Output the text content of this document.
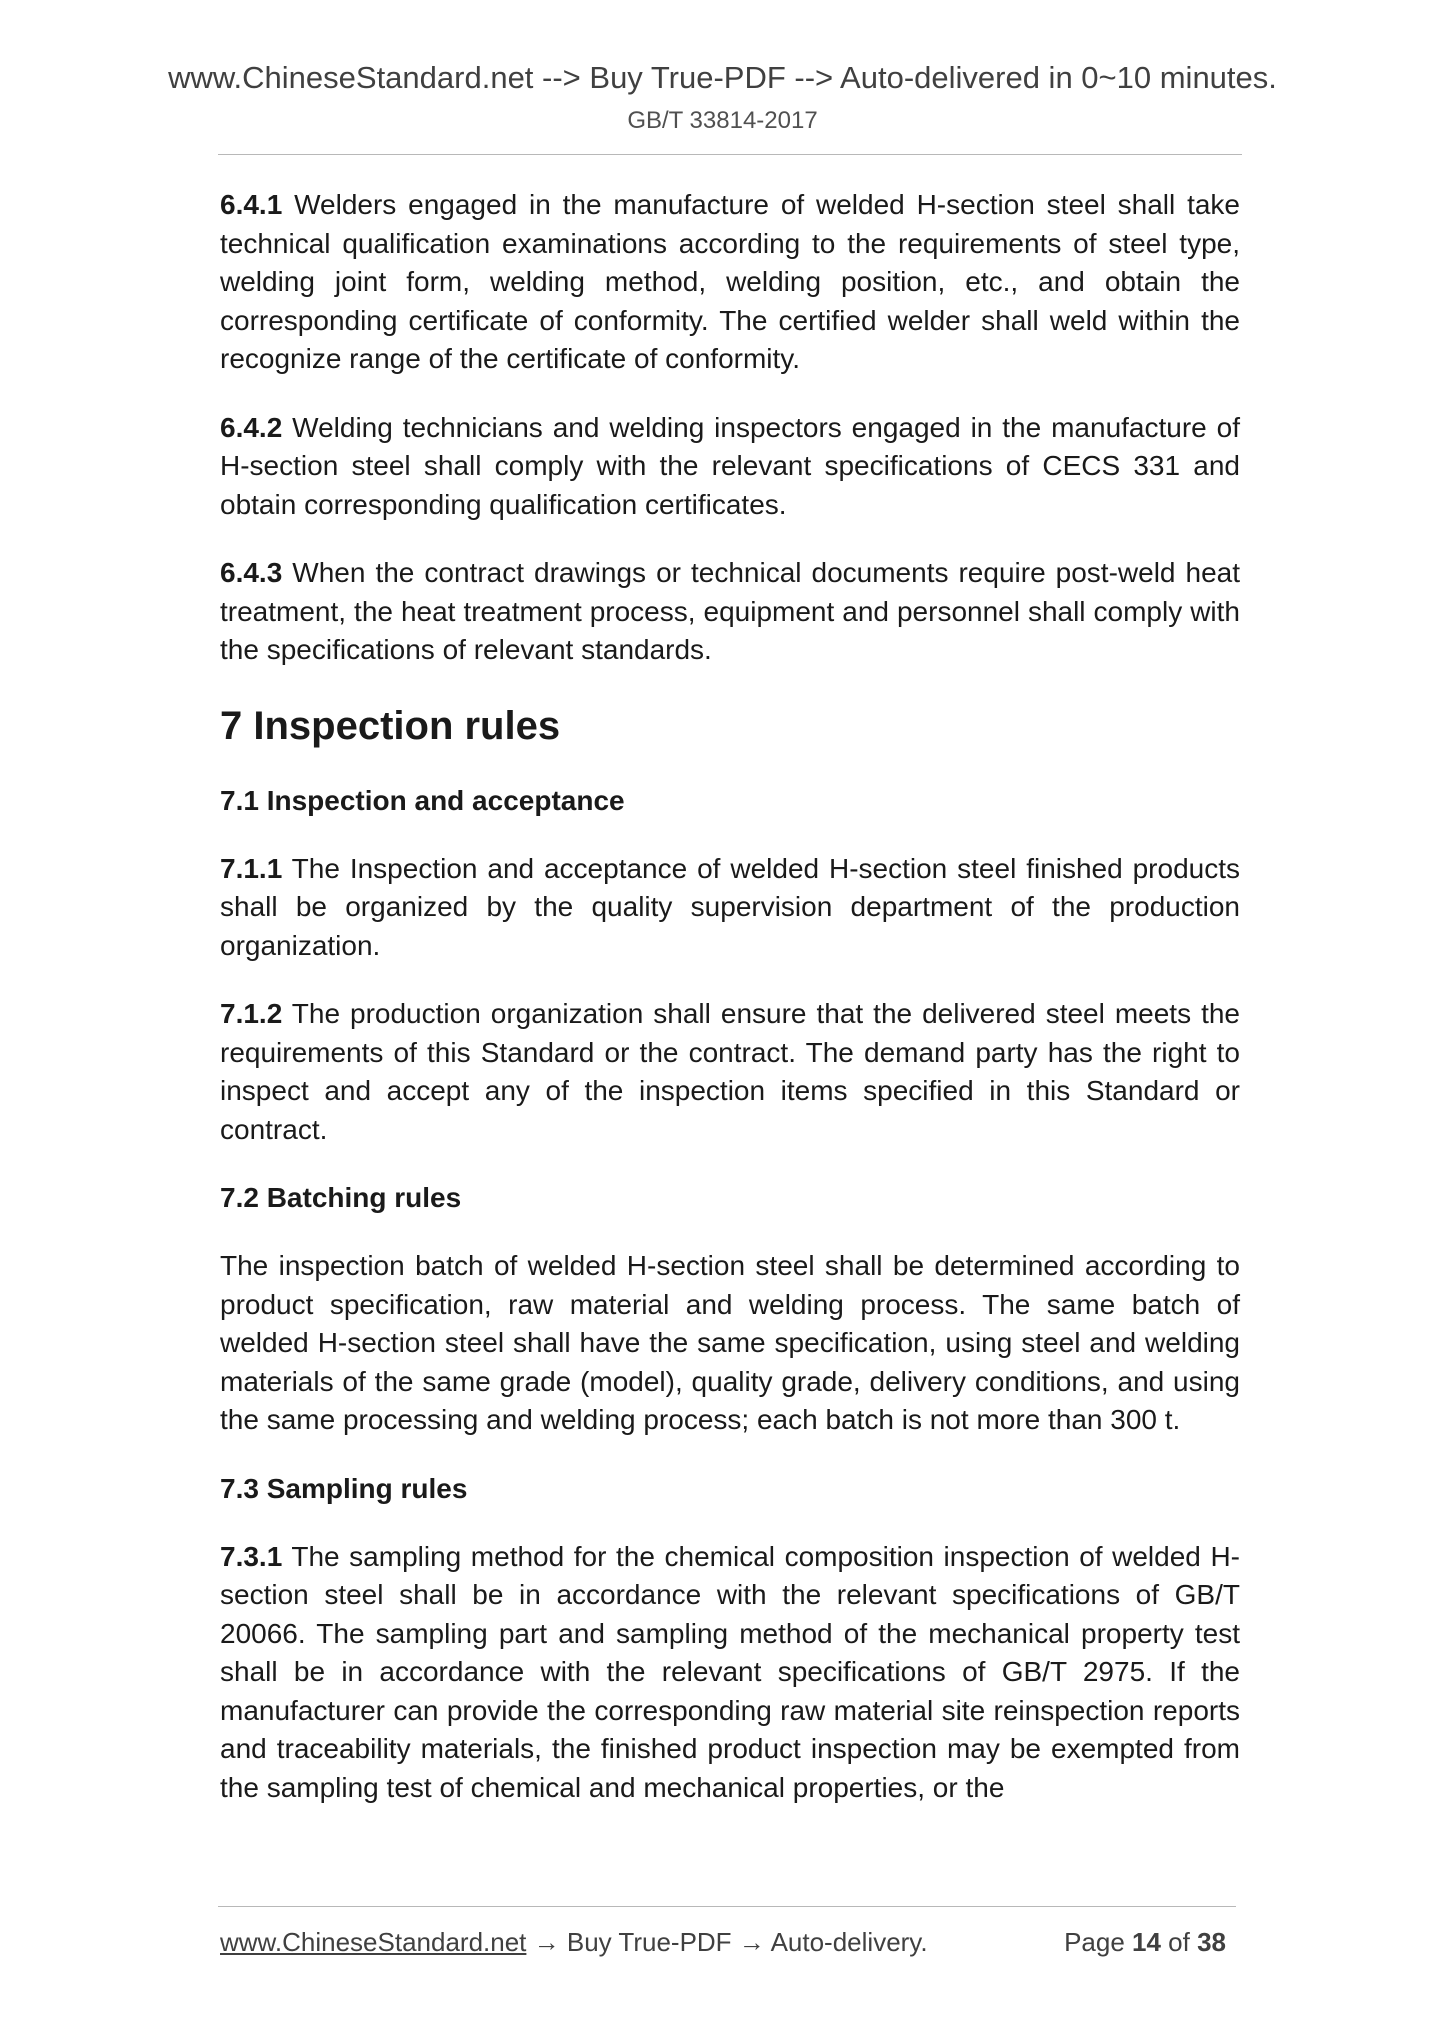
www.ChineseStandard.net --> Buy True-PDF --> Auto-delivered in 0~10 minutes.
GB/T 33814-2017

6.4.1 Welders engaged in the manufacture of welded H-section steel shall take technical qualification examinations according to the requirements of steel type, welding joint form, welding method, welding position, etc., and obtain the corresponding certificate of conformity. The certified welder shall weld within the recognize range of the certificate of conformity.

6.4.2 Welding technicians and welding inspectors engaged in the manufacture of H-section steel shall comply with the relevant specifications of CECS 331 and obtain corresponding qualification certificates.

6.4.3 When the contract drawings or technical documents require post-weld heat treatment, the heat treatment process, equipment and personnel shall comply with the specifications of relevant standards.

7 Inspection rules
7.1 Inspection and acceptance

7.1.1 The Inspection and acceptance of welded H-section steel finished products shall be organized by the quality supervision department of the production organization.

7.1.2 The production organization shall ensure that the delivered steel meets the requirements of this Standard or the contract. The demand party has the right to inspect and accept any of the inspection items specified in this Standard or contract.

7.2 Batching rules

The inspection batch of welded H-section steel shall be determined according to product specification, raw material and welding process. The same batch of welded H-section steel shall have the same specification, using steel and welding materials of the same grade (model), quality grade, delivery conditions, and using the same processing and welding process; each batch is not more than 300 t.

7.3 Sampling rules

7.3.1 The sampling method for the chemical composition inspection of welded H-section steel shall be in accordance with the relevant specifications of GB/T 20066. The sampling part and sampling method of the mechanical property test shall be in accordance with the relevant specifications of GB/T 2975. If the manufacturer can provide the corresponding raw material site reinspection reports and traceability materials, the finished product inspection may be exempted from the sampling test of chemical and mechanical properties, or the

www.ChineseStandard.net → Buy True-PDF → Auto-delivery.	Page 14 of 38
